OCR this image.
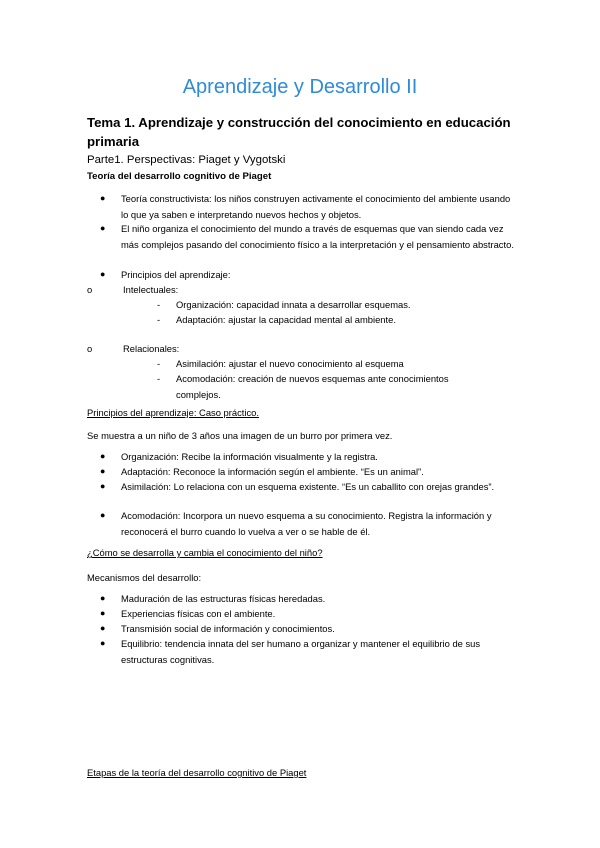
Aprendizaje y Desarrollo II
Tema 1. Aprendizaje y construcción del conocimiento en educación primaria
Parte1. Perspectivas: Piaget y Vygotski
Teoría del desarrollo cognitivo de Piaget
● Teoría constructivista: los niños construyen activamente el conocimiento del ambiente usando lo que ya saben e interpretando nuevos hechos y objetos.
● El niño organiza el conocimiento del mundo a través de esquemas que van siendo cada vez más complejos pasando del conocimiento físico a la interpretación y el pensamiento abstracto.
● Principios del aprendizaje:
o	Intelectuales:
- Organización: capacidad innata a desarrollar esquemas.
- Adaptación: ajustar la capacidad mental al ambiente.
o	Relacionales:
- Asimilación: ajustar el nuevo conocimiento al esquema
- Acomodación: creación de nuevos esquemas ante conocimientos complejos.
Principios del aprendizaje: Caso práctico.
Se muestra a un niño de 3 años una imagen de un burro por primera vez.
● Organización: Recibe la información visualmente y la registra.
● Adaptación: Reconoce la información según el ambiente. “Es un animal”.
● Asimilación: Lo relaciona con un esquema existente. “Es un caballito con orejas grandes”.
● Acomodación: Incorpora un nuevo esquema a su conocimiento. Registra la información y reconocerá el burro cuando lo vuelva a ver o se hable de él.
¿Cómo se desarrolla y cambia el conocimiento del niño?
Mecanismos del desarrollo:
● Maduración de las estructuras físicas heredadas.
● Experiencias físicas con el ambiente.
● Transmisión social de información y conocimientos.
● Equilibrio: tendencia innata del ser humano a organizar y mantener el equilibrio de sus estructuras cognitivas.
Etapas de la teoría del desarrollo cognitivo de Piaget
